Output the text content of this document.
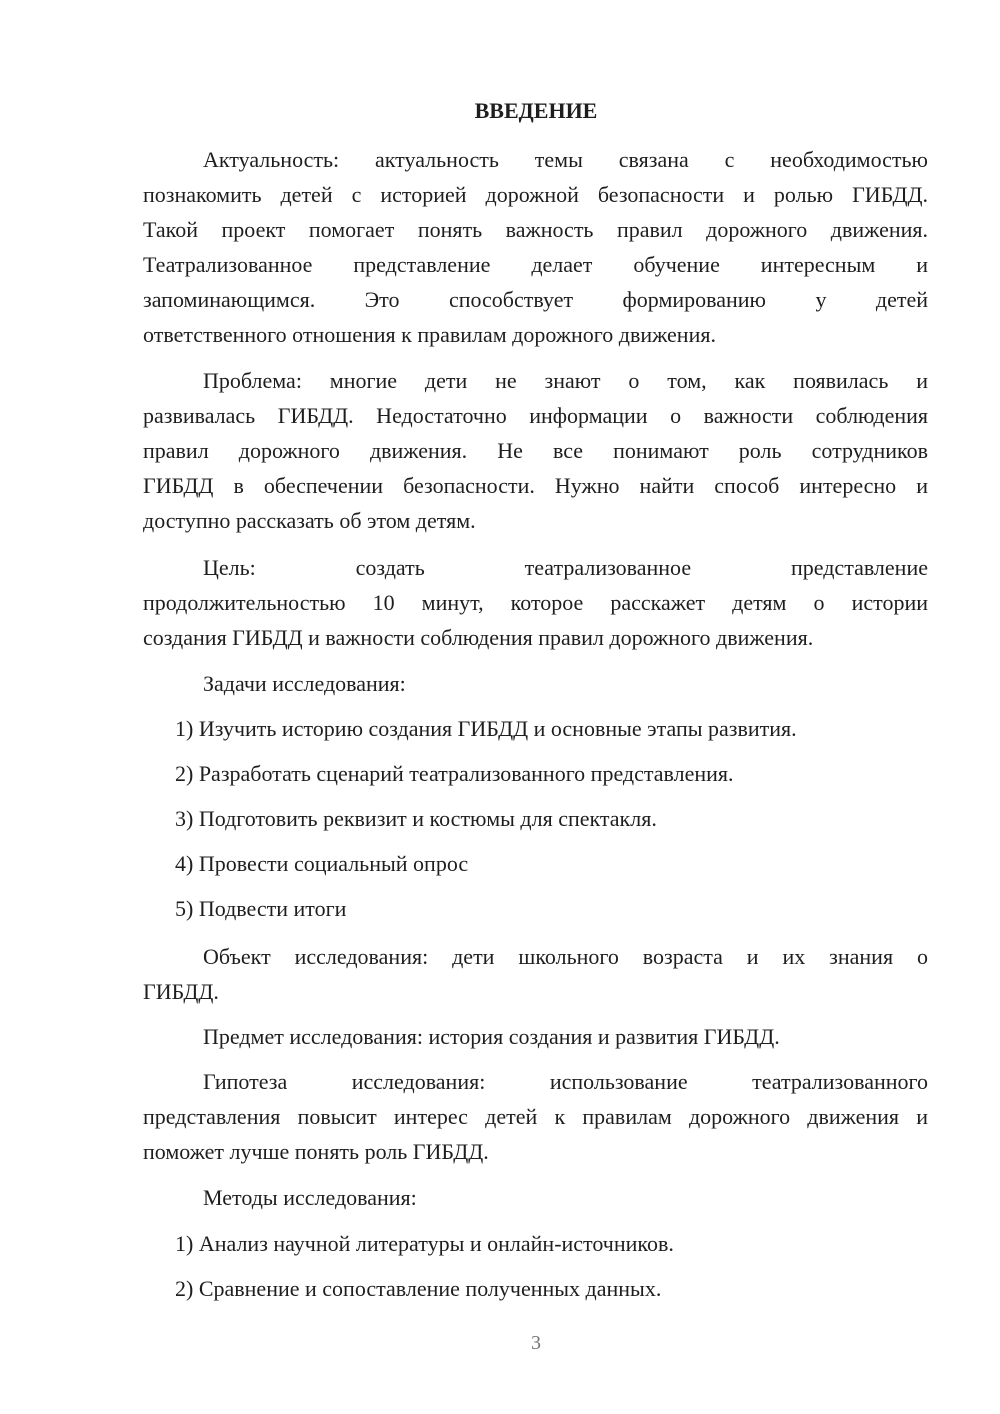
ВВЕДЕНИЕ
Актуальность: актуальность темы связана с необходимостью
познакомить детей с историей дорожной безопасности и ролью ГИБДД.
Такой проект помогает понять важность правил дорожного движения.
Театрализованное представление делает обучение интересным и
запоминающимся. Это способствует формированию у детей
ответственного отношения к правилам дорожного движения.
Проблема: многие дети не знают о том, как появилась и
развивалась ГИБДД. Недостаточно информации о важности соблюдения
правил дорожного движения. Не все понимают роль сотрудников
ГИБДД в обеспечении безопасности. Нужно найти способ интересно и
доступно рассказать об этом детям.
Цель: создать театрализованное представление
продолжительностью 10 минут, которое расскажет детям о истории
создания ГИБДД и важности соблюдения правил дорожного движения.
Задачи исследования:
1) Изучить историю создания ГИБДД и основные этапы развития.
2) Разработать сценарий театрализованного представления.
3) Подготовить реквизит и костюмы для спектакля.
4) Провести социальный опрос
5) Подвести итоги
Объект исследования: дети школьного возраста и их знания о
ГИБДД.
Предмет исследования: история создания и развития ГИБДД.
Гипотеза исследования: использование театрализованного
представления повысит интерес детей к правилам дорожного движения и
поможет лучше понять роль ГИБДД.
Методы исследования:
1) Анализ научной литературы и онлайн-источников.
2) Сравнение и сопоставление полученных данных.
3
